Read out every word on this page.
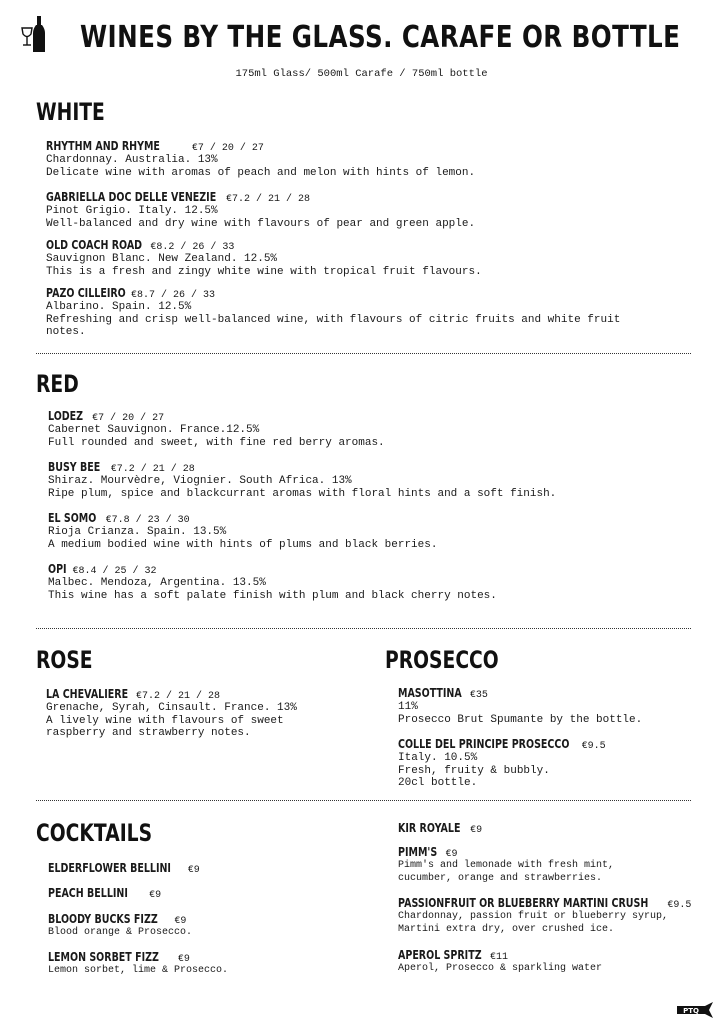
WINES BY THE GLASS. CARAFE OR BOTTLE
175ml Glass/ 500ml Carafe / 750ml bottle
WHITE
RHYTHM AND RHYME	€7 / 20 / 27
Chardonnay. Australia. 13%
Delicate wine with aromas of peach and melon with hints of lemon.
GABRIELLA DOC DELLE VENEZIE €7.2 / 21 / 28
Pinot Grigio. Italy. 12.5%
Well-balanced and dry wine with flavours of pear and green apple.
OLD COACH ROAD €8.2 / 26 / 33
Sauvignon Blanc. New Zealand. 12.5%
This is a fresh and zingy white wine with tropical fruit flavours.
PAZO CILLEIRO €8.7 / 26 / 33
Albarino. Spain. 12.5%
Refreshing and crisp well-balanced wine, with flavours of citric fruits and white fruit
notes.
RED
LODEZ €7 / 20 / 27
Cabernet Sauvignon. France.12.5%
Full rounded and sweet, with fine red berry aromas.
BUSY BEE €7.2 / 21 / 28
Shiraz. Mourvèdre, Viognier. South Africa. 13%
Ripe plum, spice and blackcurrant aromas with floral hints and a soft finish.
EL SOMO €7.8 / 23 / 30
Rioja Crianza. Spain. 13.5%
A medium bodied wine with hints of plums and black berries.
OPI €8.4 / 25 / 32
Malbec. Mendoza, Argentina. 13.5%
This wine has a soft palate finish with plum and black cherry notes.
ROSE
LA CHEVALIERE €7.2 / 21 / 28
Grenache, Syrah, Cinsault. France. 13%
A lively wine with flavours of sweet
raspberry and strawberry notes.
PROSECCO
MASOTTINA €35
11%
Prosecco Brut Spumante by the bottle.
COLLE DEL PRINCIPE PROSECCO €9.5
Italy. 10.5%
Fresh, fruity & bubbly.
20cl bottle.
COCKTAILS
ELDERFLOWER BELLINI €9
PEACH BELLINI €9
BLOODY BUCKS FIZZ €9
Blood orange & Prosecco.
LEMON SORBET FIZZ €9
Lemon sorbet, lime & Prosecco.
KIR ROYALE €9
PIMM'S €9
Pimm's and lemonade with fresh mint,
cucumber, orange and strawberries.
PASSIONFRUIT OR BLUEBERRY MARTINI CRUSH €9.5
Chardonnay, passion fruit or blueberry syrup,
Martini extra dry, over crushed ice.
APEROL SPRITZ €11
Aperol, Prosecco & sparkling water
PTQ
